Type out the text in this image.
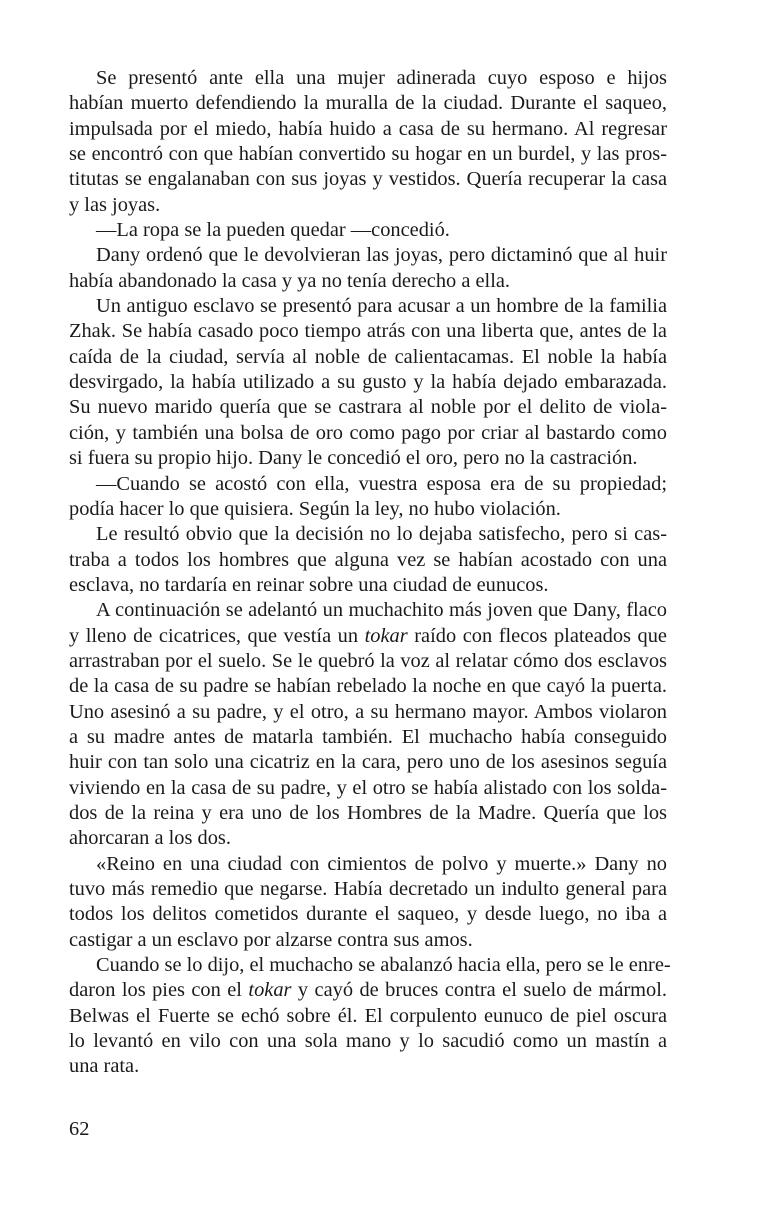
Se presentó ante ella una mujer adinerada cuyo esposo e hijos
habían muerto defendiendo la muralla de la ciudad. Durante el saqueo,
impulsada por el miedo, había huido a casa de su hermano. Al regresar
se encontró con que habían convertido su hogar en un burdel, y las pros-
titutas se engalanaban con sus joyas y vestidos. Quería recuperar la casa
y las joyas.
—La ropa se la pueden quedar —concedió.
Dany ordenó que le devolvieran las joyas, pero dictaminó que al huir
había abandonado la casa y ya no tenía derecho a ella.
Un antiguo esclavo se presentó para acusar a un hombre de la familia
Zhak. Se había casado poco tiempo atrás con una liberta que, antes de la
caída de la ciudad, servía al noble de calientacamas. El noble la había
desvirgado, la había utilizado a su gusto y la había dejado embarazada.
Su nuevo marido quería que se castrara al noble por el delito de viola-
ción, y también una bolsa de oro como pago por criar al bastardo como
si fuera su propio hijo. Dany le concedió el oro, pero no la castración.
—Cuando se acostó con ella, vuestra esposa era de su propiedad;
podía hacer lo que quisiera. Según la ley, no hubo violación.
Le resultó obvio que la decisión no lo dejaba satisfecho, pero si cas-
traba a todos los hombres que alguna vez se habían acostado con una
esclava, no tardaría en reinar sobre una ciudad de eunucos.
A continuación se adelantó un muchachito más joven que Dany, flaco
y lleno de cicatrices, que vestía un tokar raído con flecos plateados que
arrastraban por el suelo. Se le quebró la voz al relatar cómo dos esclavos
de la casa de su padre se habían rebelado la noche en que cayó la puerta.
Uno asesinó a su padre, y el otro, a su hermano mayor. Ambos violaron
a su madre antes de matarla también. El muchacho había conseguido
huir con tan solo una cicatriz en la cara, pero uno de los asesinos seguía
viviendo en la casa de su padre, y el otro se había alistado con los solda-
dos de la reina y era uno de los Hombres de la Madre. Quería que los
ahorcaran a los dos.
«Reino en una ciudad con cimientos de polvo y muerte.» Dany no
tuvo más remedio que negarse. Había decretado un indulto general para
todos los delitos cometidos durante el saqueo, y desde luego, no iba a
castigar a un esclavo por alzarse contra sus amos.
Cuando se lo dijo, el muchacho se abalanzó hacia ella, pero se le enre-
daron los pies con el tokar y cayó de bruces contra el suelo de mármol.
Belwas el Fuerte se echó sobre él. El corpulento eunuco de piel oscura
lo levantó en vilo con una sola mano y lo sacudió como un mastín a
una rata.
62
